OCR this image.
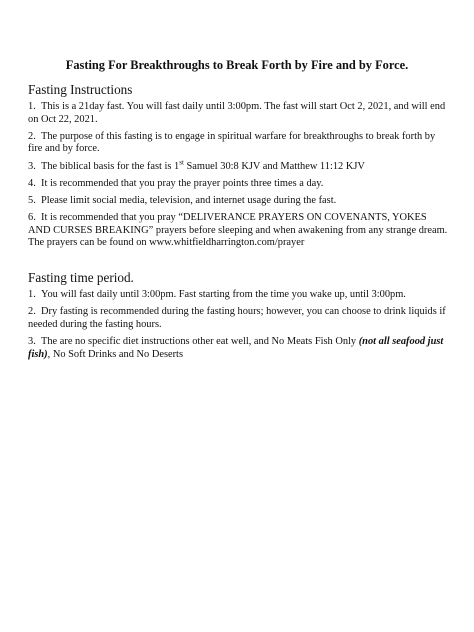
Fasting For Breakthroughs to Break Forth by Fire and by Force.
Fasting Instructions
1. This is a 21day fast. You will fast daily until 3:00pm. The fast will start Oct 2, 2021, and will end on Oct 22, 2021.
2. The purpose of this fasting is to engage in spiritual warfare for breakthroughs to break forth by fire and by force.
3. The biblical basis for the fast is 1st Samuel 30:8 KJV and Matthew 11:12 KJV
4. It is recommended that you pray the prayer points three times a day.
5. Please limit social media, television, and internet usage during the fast.
6. It is recommended that you pray “DELIVERANCE PRAYERS ON COVENANTS, YOKES AND CURSES BREAKING” prayers before sleeping and when awakening from any strange dream. The prayers can be found on www.whitfieldharrington.com/prayer
Fasting time period.
1. You will fast daily until 3:00pm. Fast starting from the time you wake up, until 3:00pm.
2. Dry fasting is recommended during the fasting hours; however, you can choose to drink liquids if needed during the fasting hours.
3. The are no specific diet instructions other eat well, and No Meats Fish Only (not all seafood just fish), No Soft Drinks and No Deserts
